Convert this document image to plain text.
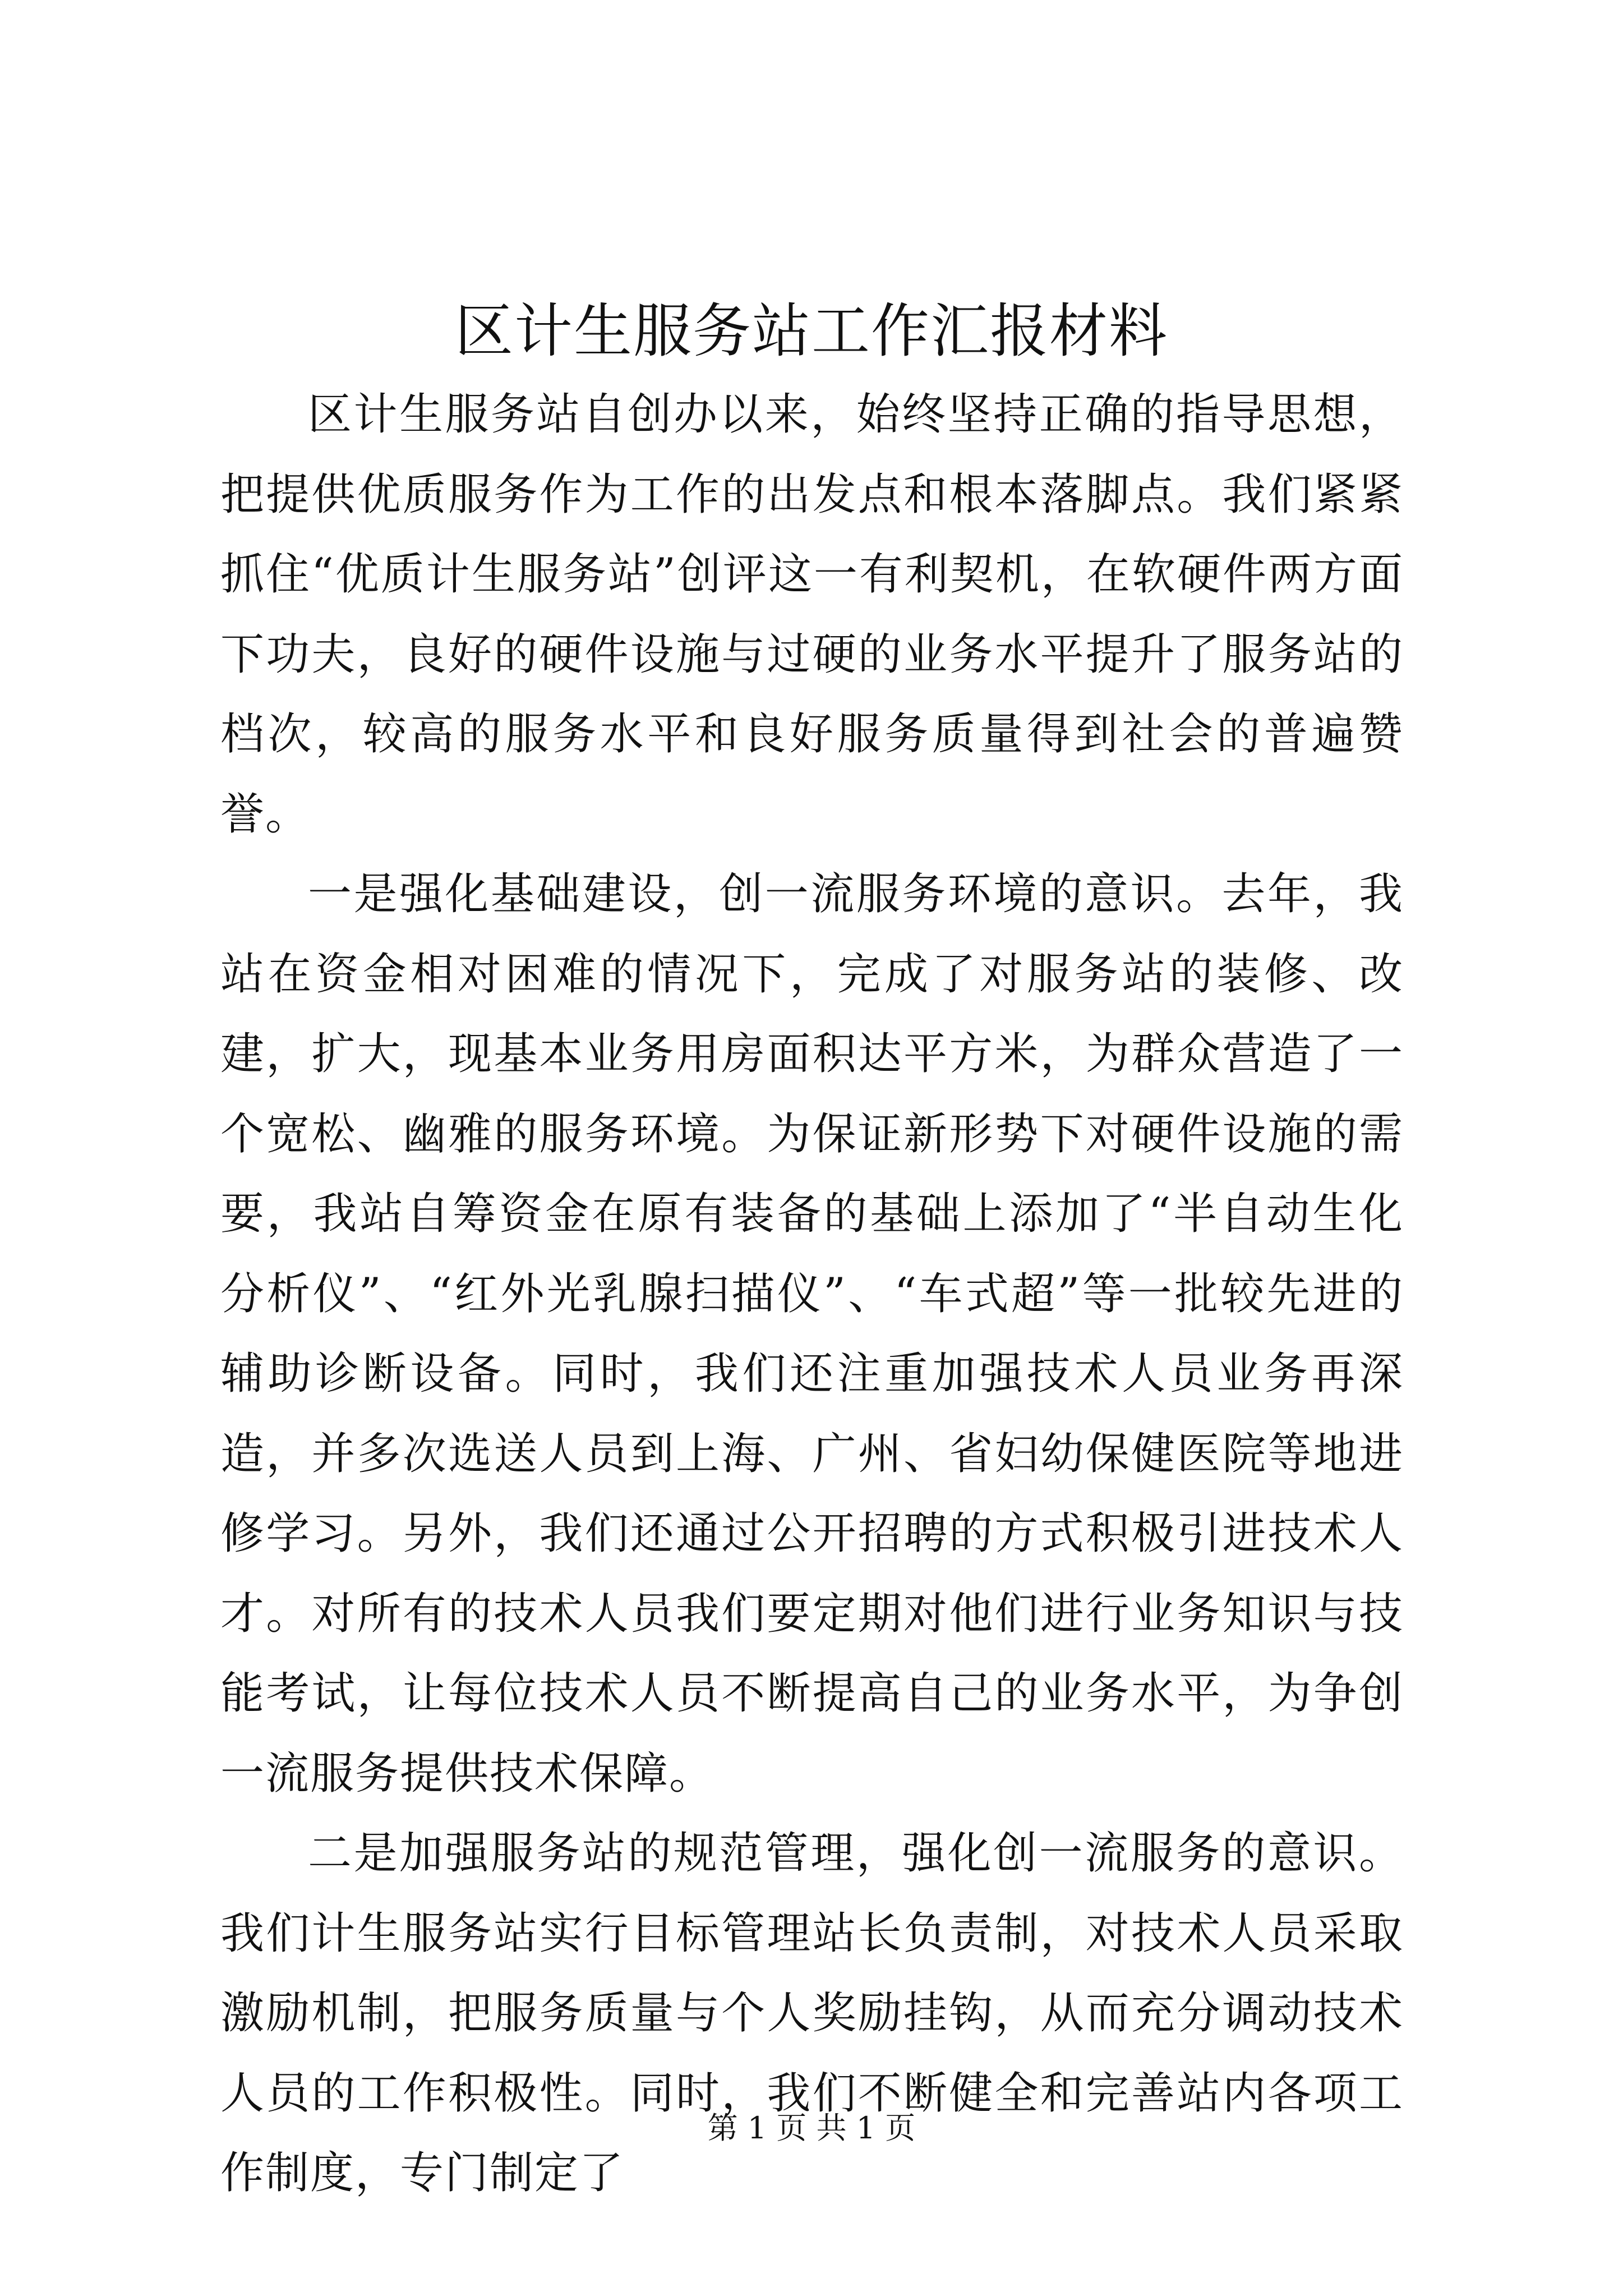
区计生服务站工作汇报材料

区计生服务站自创办以来，始终坚持正确的指导思想，把提供优质服务作为工作的出发点和根本落脚点。我们紧紧抓住“优质计生服务站”创评这一有利契机，在软硬件两方面下功夫，良好的硬件设施与过硬的业务水平提升了服务站的档次，较高的服务水平和良好服务质量得到社会的普遍赞誉。

一是强化基础建设，创一流服务环境的意识。去年，我站在资金相对困难的情况下，完成了对服务站的装修、改建，扩大，现基本业务用房面积达平方米，为群众营造了一个宽松、幽雅的服务环境。为保证新形势下对硬件设施的需要，我站自筹资金在原有装备的基础上添加了“半自动生化分析仪”、“红外光乳腺扫描仪”、“车式超”等一批较先进的辅助诊断设备。同时，我们还注重加强技术人员业务再深造，并多次选送人员到上海、广州、省妇幼保健医院等地进修学习。另外，我们还通过公开招聘的方式积极引进技术人才。对所有的技术人员我们要定期对他们进行业务知识与技能考试，让每位技术人员不断提高自己的业务水平，为争创一流服务提供技术保障。

二是加强服务站的规范管理，强化创一流服务的意识。我们计生服务站实行目标管理站长负责制，对技术人员采取激励机制，把服务质量与个人奖励挂钩，从而充分调动技术人员的工作积极性。同时，我们不断健全和完善站内各项工作制度，专门制定了

第 1 页 共 1 页
